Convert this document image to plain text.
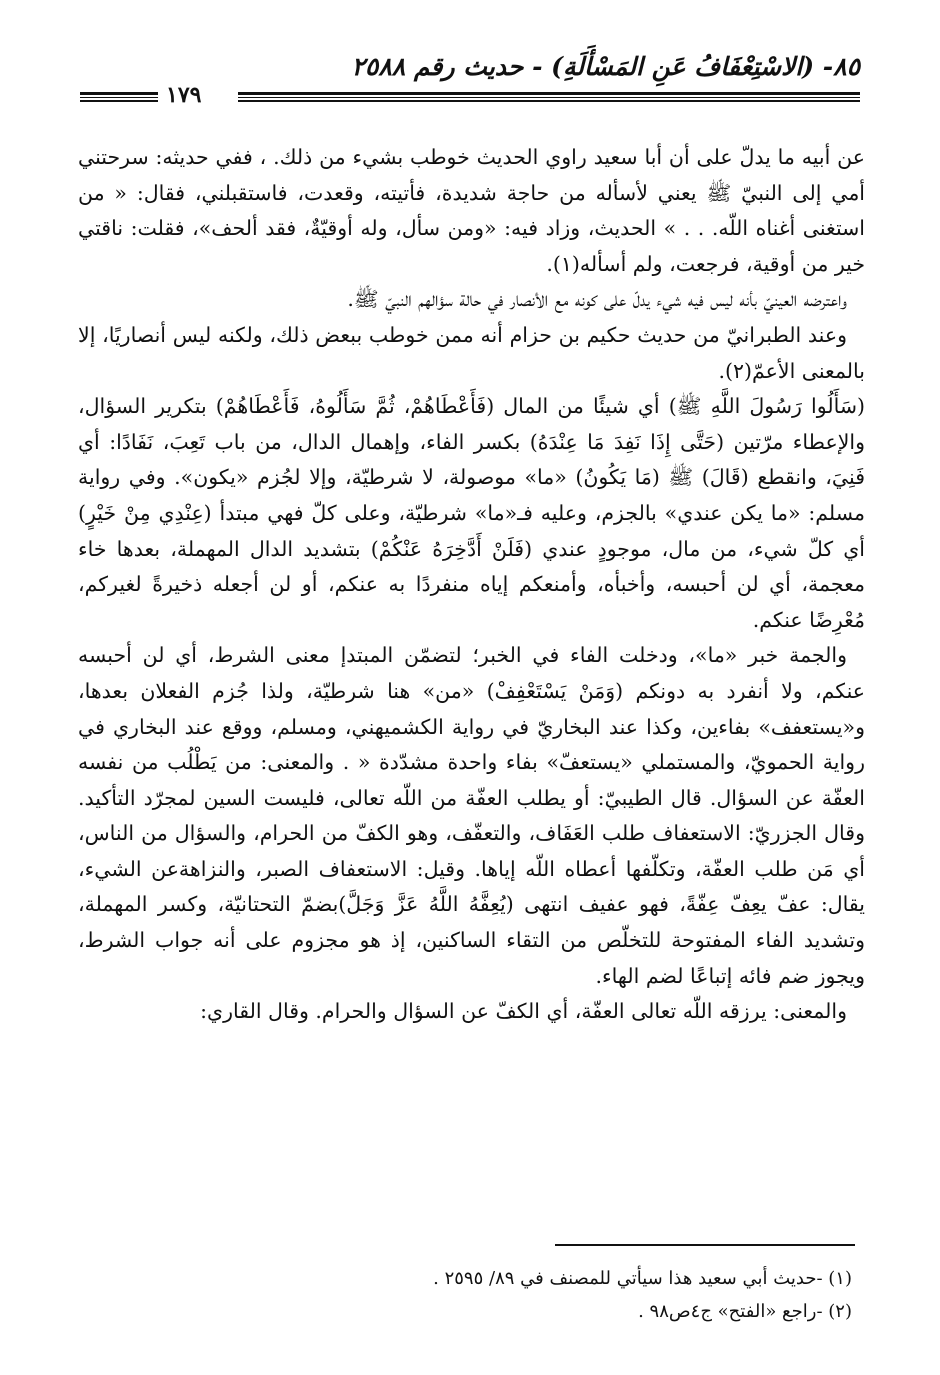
٨٥- (الاسْتِعْفَافُ عَنِ المَسْأَلَةِ) - حديث رقم ٢٥٨٨
١٧٩

عن أبيه ما يدلّ على أن أبا سعيد راوي الحديث خوطب بشيء من ذلك. ، ففي حديثه: سرحتني أمي إلى النبيّ ﷺ يعني لأسأله من حاجة شديدة، فأتيته، وقعدت، فاستقبلني، فقال: « من استغنى أغناه اللّه. . . » الحديث، وزاد فيه: «ومن سأل، وله أوقيّةٌ، فقد ألحف»، فقلت: ناقتي خير من أوقية، فرجعت، ولم أسأله(١).

واعترضه العينيّ بأنه ليس فيه شيء يدلّ على كونه مع الأنصار في حالة سؤالهم النبيّ ﷺ.

وعند الطبرانيّ من حديث حكيم بن حزام أنه ممن خوطب ببعض ذلك، ولكنه ليس أنصاريًا، إلا بالمعنى الأعمّ(٢).

(سَأَلُوا رَسُولَ اللَّهِ ﷺ) أي شيئًا من المال (فَأَعْطَاهُمْ، ثُمَّ سَأَلُوهُ، فَأَعْطَاهُمْ) بتكرير السؤال، والإعطاء مرّتين (حَتَّى إِذَا نَفِدَ مَا عِنْدَهُ) بكسر الفاء، وإهمال الدال، من باب تَعِبَ، نَفَادًا: أي فَنِيَ، وانقطع (قَالَ) ﷺ (مَا يَكُونُ) «ما» موصولة، لا شرطيّة، وإلا لجُزم «يكون». وفي رواية مسلم: «ما يكن عندي» بالجزم، وعليه فـ«ما» شرطيّة، وعلى كلّ فهي مبتدأ (عِنْدِي مِنْ خَيْرٍ) أي كلّ شيء، من مال، موجودٍ عندي (فَلَنْ أَدَّخِرَهُ عَنْكُمْ) بتشديد الدال المهملة، بعدها خاء معجمة، أي لن أحبسه، وأخبأه، وأمنعكم إياه منفردًا به عنكم، أو لن أجعله ذخيرةً لغيركم، مُعْرِضًا عنكم.

والجمة خبر «ما»، ودخلت الفاء في الخبر؛ لتضمّن المبتدإ معنى الشرط، أي لن أحبسه عنكم، ولا أنفرد به دونكم (وَمَنْ يَسْتَعْفِفْ) «من» هنا شرطيّة، ولذا جُزم الفعلان بعدها، و«يستعفف» بفاءين، وكذا عند البخاريّ في رواية الكشميهني، ومسلم، ووقع عند البخاري في رواية الحمويّ، والمستملي «يستعفّ» بفاء واحدة مشدّدة « . والمعنى: من يَطْلُب من نفسه العفّة عن السؤال. قال الطيبيّ: أو يطلب العفّة من اللّه تعالى، فليست السين لمجرّد التأكيد. وقال الجزريّ: الاستعفاف طلب العَفَاف، والتعفّف، وهو الكفّ من الحرام، والسؤال من الناس، أي مَن طلب العفّة، وتكلّفها أعطاه اللّه إياها. وقيل: الاستعفاف الصبر، والنزاهةعن الشيء، يقال: عفّ يعِفّ عِفّةً، فهو عفيف انتهى (يُعِفَّهُ اللَّهُ عَزَّ وَجَلَّ)بضمّ التحتانيّة، وكسر المهملة، وتشديد الفاء المفتوحة للتخلّص من التقاء الساكنين، إذ هو مجزوم على أنه جواب الشرط، ويجوز ضم فائه إتباعًا لضم الهاء.

والمعنى: يرزقه اللّه تعالى العفّة، أي الكفّ عن السؤال والحرام. وقال القاري:

(١) -حديث أبي سعيد هذا سيأتي للمصنف في ٨٩/ ٢٥٩٥ .

(٢) -راجع «الفتح» ج٤ص٩٨ .
